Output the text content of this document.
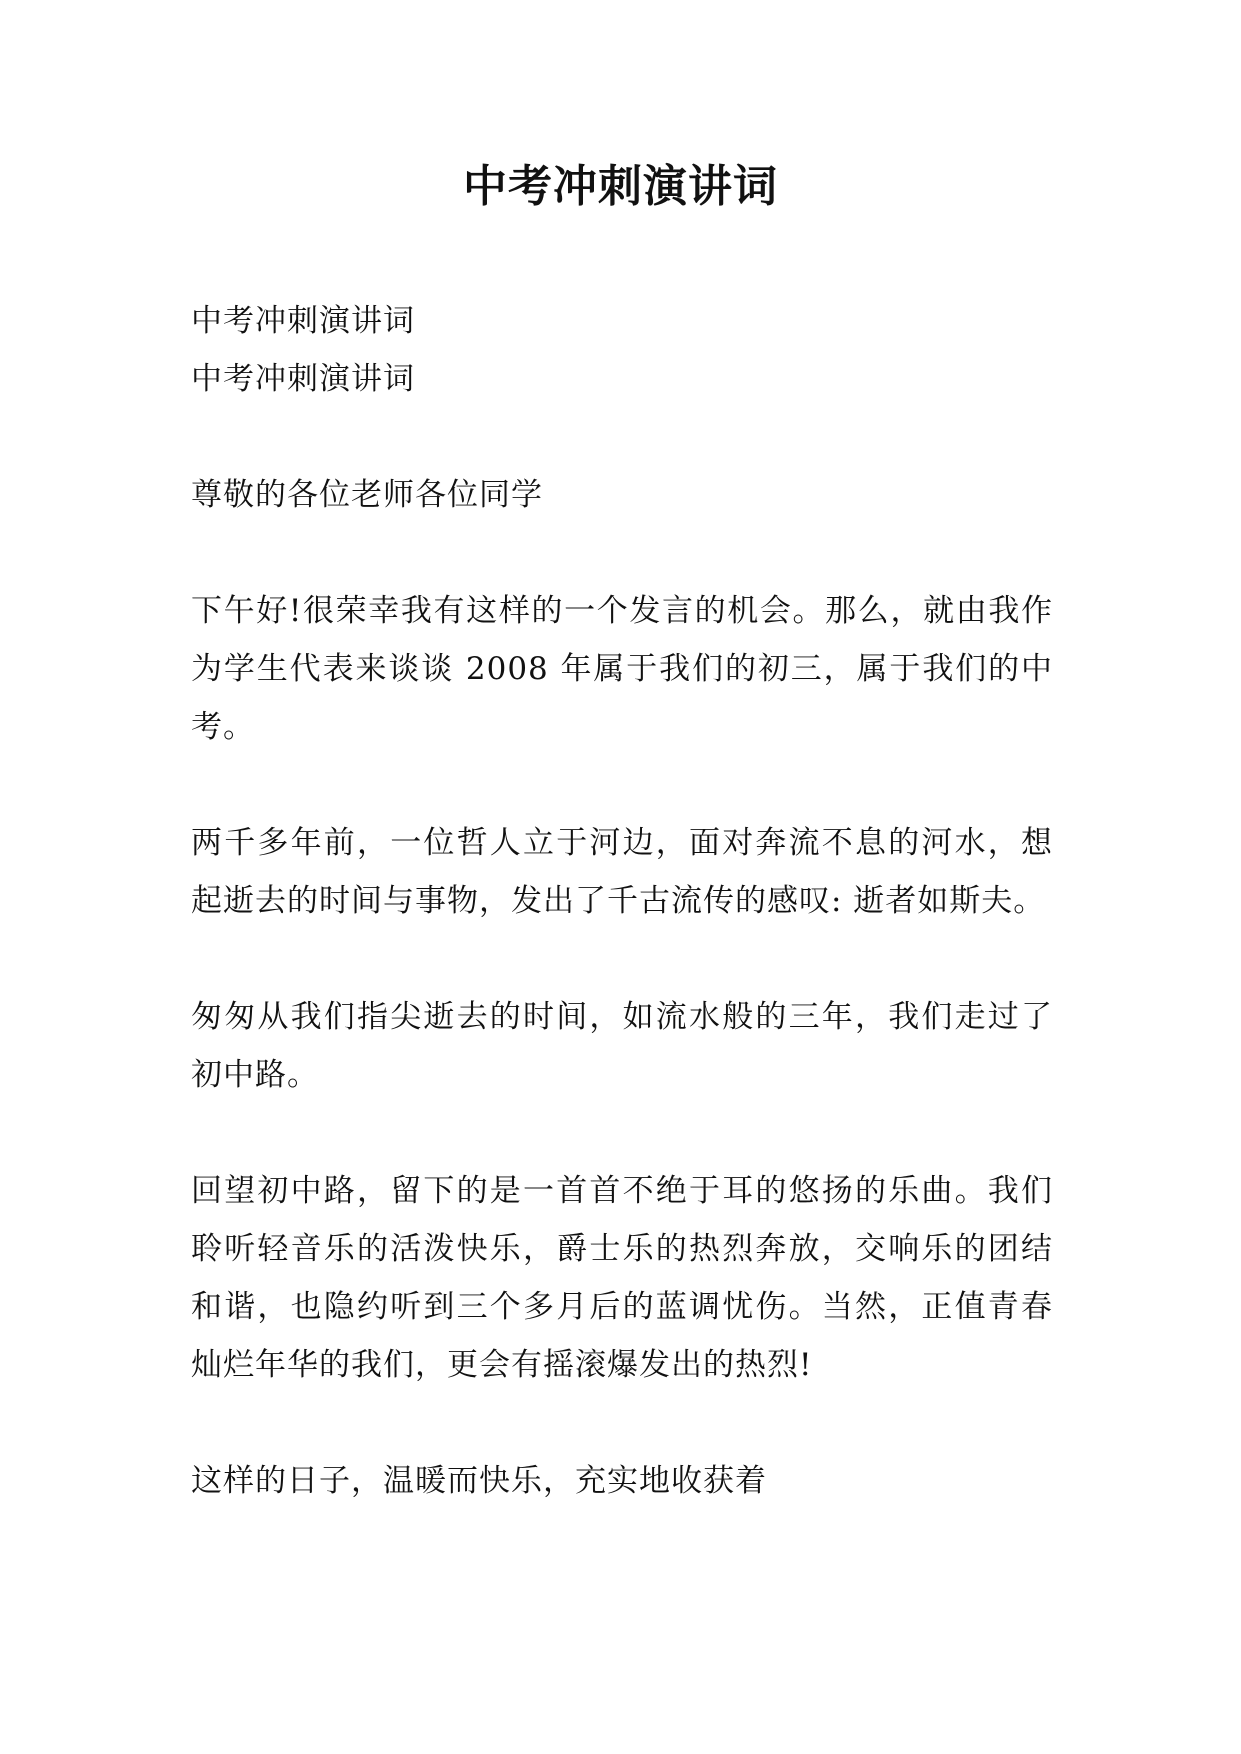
中考冲刺演讲词
中考冲刺演讲词
中考冲刺演讲词

尊敬的各位老师各位同学

下午好!很荣幸我有这样的一个发言的机会。那么，就由我作为学生代表来谈谈 2008 年属于我们的初三，属于我们的中考。

两千多年前，一位哲人立于河边，面对奔流不息的河水，想起逝去的时间与事物，发出了千古流传的感叹: 逝者如斯夫。

匆匆从我们指尖逝去的时间，如流水般的三年，我们走过了初中路。

回望初中路，留下的是一首首不绝于耳的悠扬的乐曲。我们聆听轻音乐的活泼快乐，爵士乐的热烈奔放，交响乐的团结和谐，也隐约听到三个多月后的蓝调忧伤。当然，正值青春灿烂年华的我们，更会有摇滚爆发出的热烈!

这样的日子，温暖而快乐，充实地收获着
